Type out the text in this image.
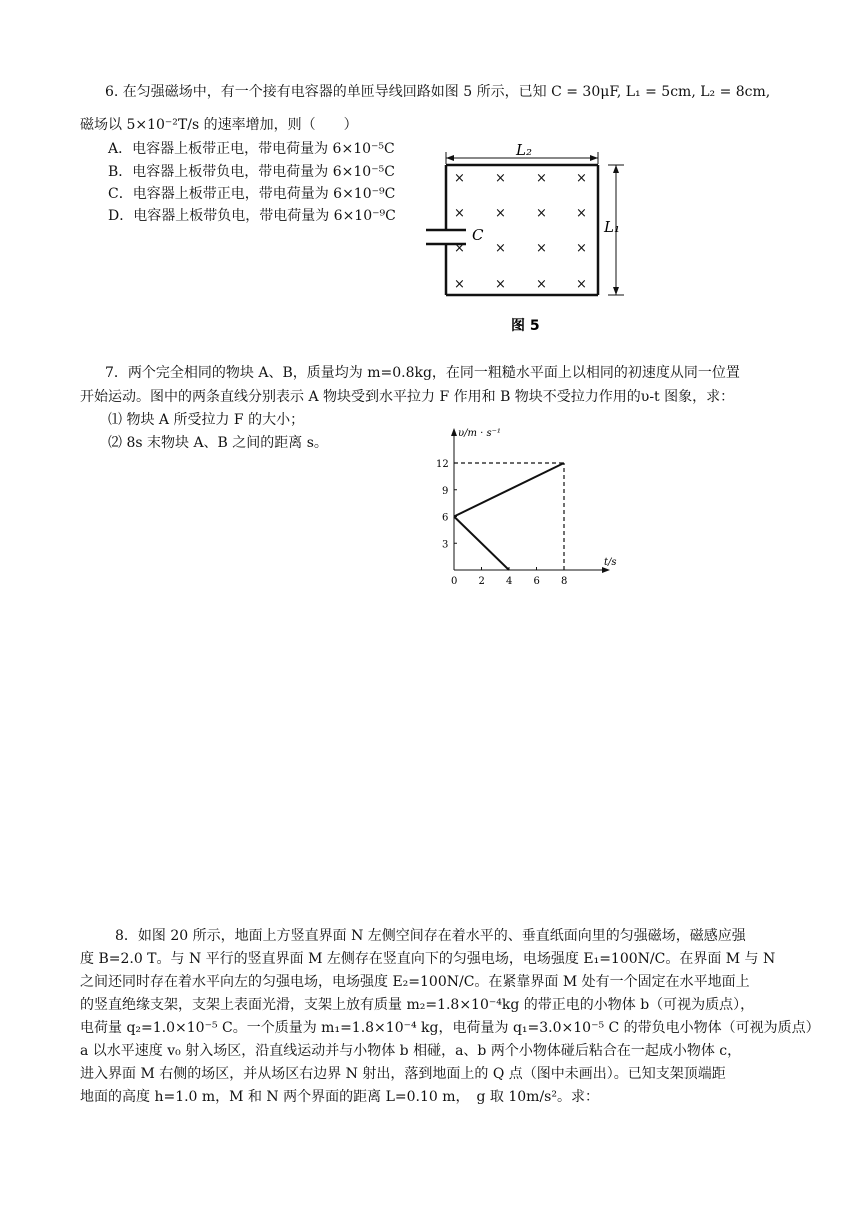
6. 在匀强磁场中，有一个接有电容器的单匝导线回路如图 5 所示，已知 C = 30μF, L₁ = 5cm, L₂ = 8cm,
磁场以 5×10⁻²T/s 的速率增加，则（　　）
A．电容器上板带正电，带电荷量为 6×10⁻⁵C
B．电容器上板带负电，带电荷量为 6×10⁻⁵C
C．电容器上板带正电，带电荷量为 6×10⁻⁹C
D．电容器上板带负电，带电荷量为 6×10⁻⁹C
L₂
C	L₁
× × × ×
× × × ×
× × × ×
× × × ×
图 5
7．两个完全相同的物块 A、B，质量均为 m=0.8kg，在同一粗糙水平面上以相同的初速度从同一位置
开始运动。图中的两条直线分别表示 A 物块受到水平拉力 F 作用和 B 物块不受拉力作用的υ-t 图象，求：
⑴ 物块 A 所受拉力 F 的大小；
⑵ 8s 末物块 A、B 之间的距离 s。
υ/m · s⁻¹
t/s
0 2 4 6 8
3
6
9
12
8．如图 20 所示，地面上方竖直界面 N 左侧空间存在着水平的、垂直纸面向里的匀强磁场，磁感应强
度 B=2.0 T。与 N 平行的竖直界面 M 左侧存在竖直向下的匀强电场，电场强度 E₁=100N/C。在界面 M 与 N
之间还同时存在着水平向左的匀强电场，电场强度 E₂=100N/C。在紧靠界面 M 处有一个固定在水平地面上
的竖直绝缘支架，支架上表面光滑，支架上放有质量 m₂=1.8×10⁻⁴kg 的带正电的小物体 b（可视为质点），
电荷量 q₂=1.0×10⁻⁵ C。一个质量为 m₁=1.8×10⁻⁴ kg，电荷量为 q₁=3.0×10⁻⁵ C 的带负电小物体（可视为质点）
a 以水平速度 v₀ 射入场区，沿直线运动并与小物体 b 相碰，a、b 两个小物体碰后粘合在一起成小物体 c，
进入界面 M 右侧的场区，并从场区右边界 N 射出，落到地面上的 Q 点（图中未画出）。已知支架顶端距
地面的高度 h=1.0 m，M 和 N 两个界面的距离 L=0.10 m，　g 取 10m/s²。求：
